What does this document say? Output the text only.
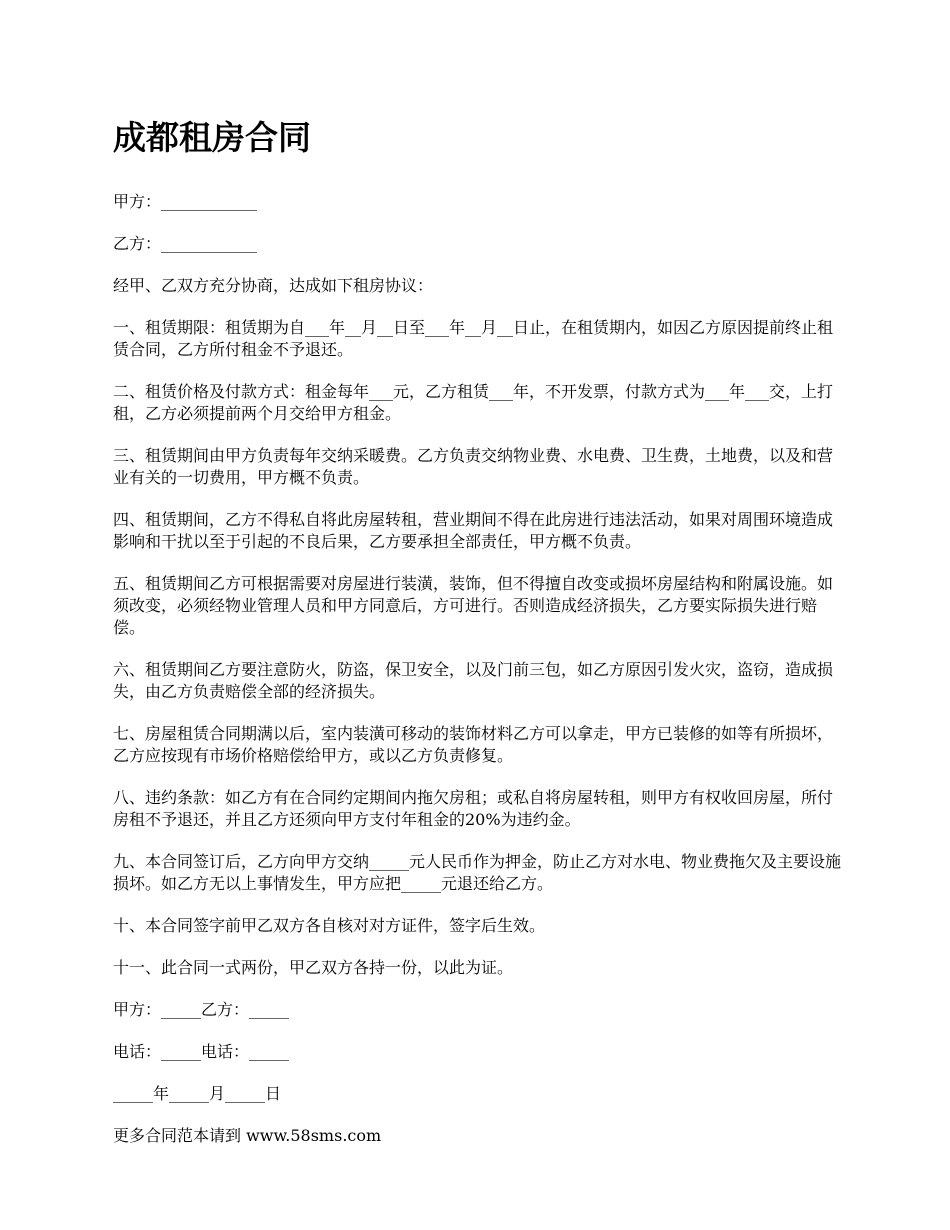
成都租房合同

甲方：____________

乙方：____________

经甲、乙双方充分协商，达成如下租房协议：

一、租赁期限：租赁期为自___年__月__日至___年__月__日止，在租赁期内，如因乙方原因提前终止租赁合同，乙方所付租金不予退还。

二、租赁价格及付款方式：租金每年___元，乙方租赁___年，不开发票，付款方式为___年___交，上打租，乙方必须提前两个月交给甲方租金。

三、租赁期间由甲方负责每年交纳采暖费。乙方负责交纳物业费、水电费、卫生费，土地费，以及和营业有关的一切费用，甲方概不负责。

四、租赁期间，乙方不得私自将此房屋转租，营业期间不得在此房进行违法活动，如果对周围环境造成影响和干扰以至于引起的不良后果，乙方要承担全部责任，甲方概不负责。

五、租赁期间乙方可根据需要对房屋进行装潢，装饰，但不得擅自改变或损坏房屋结构和附属设施。如须改变，必须经物业管理人员和甲方同意后，方可进行。否则造成经济损失，乙方要实际损失进行赔偿。

六、租赁期间乙方要注意防火，防盗，保卫安全，以及门前三包，如乙方原因引发火灾，盗窃，造成损失，由乙方负责赔偿全部的经济损失。

七、房屋租赁合同期满以后，室内装潢可移动的装饰材料乙方可以拿走，甲方已装修的如等有所损坏，乙方应按现有市场价格赔偿给甲方，或以乙方负责修复。

八、违约条款：如乙方有在合同约定期间内拖欠房租；或私自将房屋转租，则甲方有权收回房屋，所付房租不予退还，并且乙方还须向甲方支付年租金的20%为违约金。

九、本合同签订后，乙方向甲方交纳_____元人民币作为押金，防止乙方对水电、物业费拖欠及主要设施损坏。如乙方无以上事情发生，甲方应把_____元退还给乙方。

十、本合同签字前甲乙双方各自核对对方证件，签字后生效。

十一、此合同一式两份，甲乙双方各持一份，以此为证。

甲方：_____乙方：_____

电话：_____电话：_____

_____年_____月_____日

更多合同范本请到 www.58sms.com
